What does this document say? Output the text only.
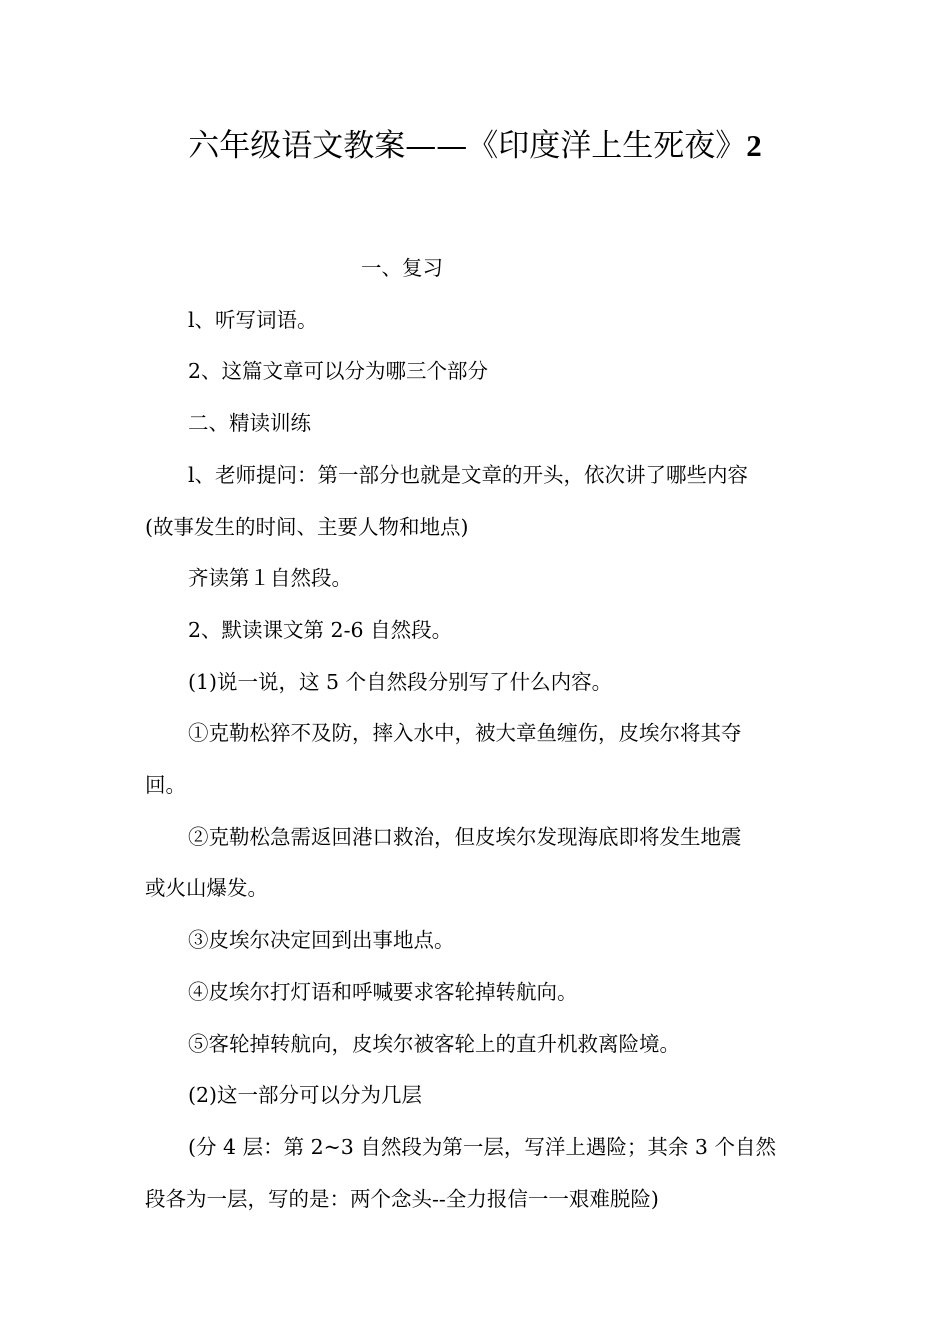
六年级语文教案——《印度洋上生死夜》2

一、复习

l、听写词语。

2、这篇文章可以分为哪三个部分

二、精读训练

l、老师提问：第一部分也就是文章的开头，依次讲了哪些内容
(故事发生的时间、主要人物和地点)

齐读第１自然段。

2、默读课文第 2-6 自然段。

(1)说一说，这 5 个自然段分别写了什么内容。

①克勒松猝不及防，摔入水中，被大章鱼缠伤，皮埃尔将其夺
回。

②克勒松急需返回港口救治，但皮埃尔发现海底即将发生地震
或火山爆发。

③皮埃尔决定回到出事地点。

④皮埃尔打灯语和呼喊要求客轮掉转航向。

⑤客轮掉转航向，皮埃尔被客轮上的直升机救离险境。

(2)这一部分可以分为几层

(分 4 层：第 2~3 自然段为第一层，写洋上遇险；其余 3 个自然
段各为一层，写的是：两个念头--全力报信一一艰难脱险)
